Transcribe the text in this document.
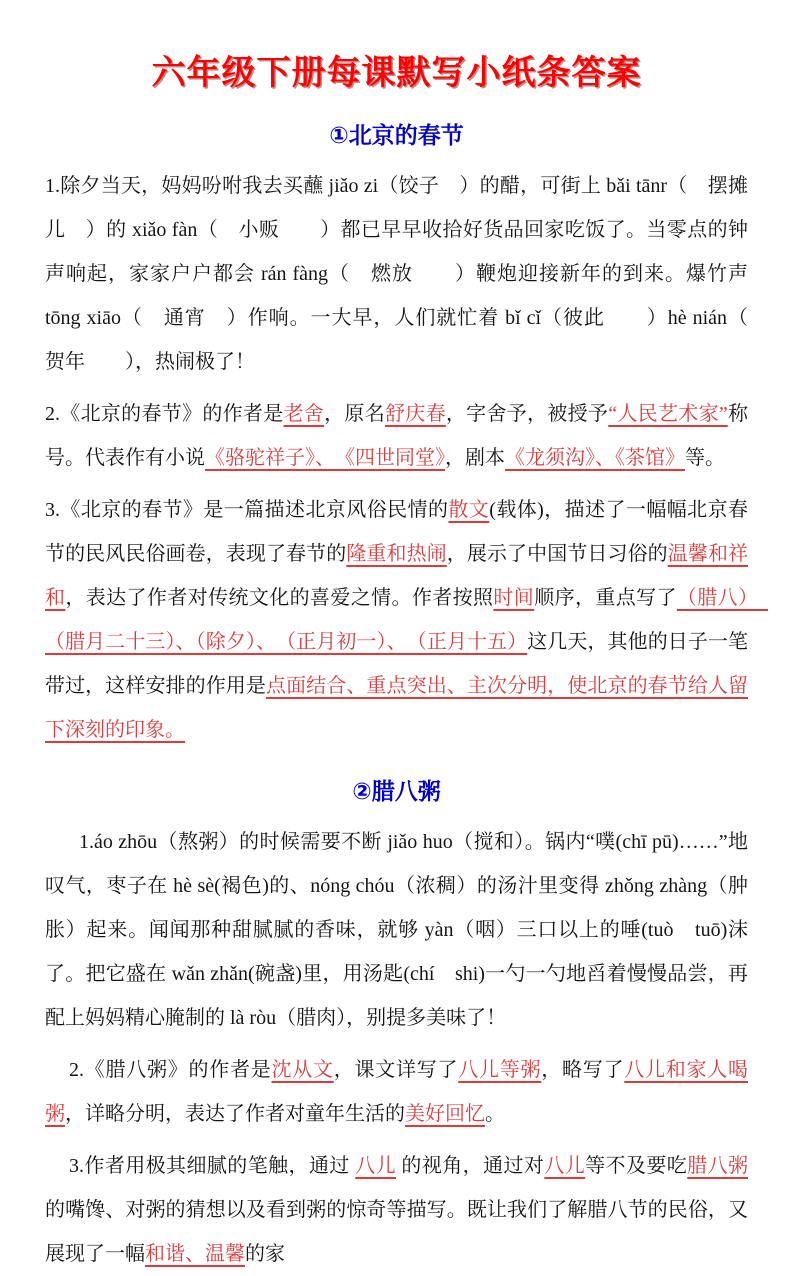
六年级下册每课默写小纸条答案
①北京的春节

1.除夕当天，妈妈吩咐我去买蘸 jiǎo zi（饺子　）的醋，可街上 bǎi tānr（　摆摊儿　）的 xiǎo fàn（　小贩　　）都已早早收拾好货品回家吃饭了。当零点的钟声响起，家家户户都会 rán fàng（　燃放　　）鞭炮迎接新年的到来。爆竹声 tōng xiāo（　通宵　）作响。一大早，人们就忙着 bǐ cǐ（彼此　　）hè nián（　贺年　　），热闹极了！

2.《北京的春节》的作者是老舍，原名舒庆春，字舍予，被授予“人民艺术家”称号。代表作有小说《骆驼祥子》、　《四世同堂》，剧本《龙须沟》、《茶馆》等。

3.《北京的春节》是一篇描述北京风俗民情的散文(载体)，描述了一幅幅北京春节的民风民俗画卷，表现了春节的隆重和热闹，展示了中国节日习俗的温馨和祥和，表达了作者对传统文化的喜爱之情。作者按照时间顺序，重点写了（腊八）　（腊月二十三）、（除夕）、　（正月初一）、　（正月十五）这几天，其他的日子一笔带过，这样安排的作用是点面结合、重点突出、主次分明，使北京的春节给人留下深刻的印象。

②腊八粥

1.áo zhōu（熬粥）的时候需要不断 jiǎo huo（搅和）。锅内“噗(chī pū)……”地叹气，枣子在 hè sè(褐色)的、nóng chóu（浓稠）的汤汁里变得 zhǒng zhàng（肿胀）起来。闻闻那种甜腻腻的香味，就够 yàn（咽）三口以上的唾(tuò　tuō)沫了。把它盛在 wǎn zhǎn(碗盏)里，用汤匙(chí　shi)一勺一勺地舀着慢慢品尝，再配上妈妈精心腌制的 là ròu（腊肉），别提多美味了！

2.《腊八粥》的作者是沈从文，课文详写了八儿等粥，略写了八儿和家人喝粥，详略分明，表达了作者对童年生活的美好回忆。

3.作者用极其细腻的笔触，通过 八儿 的视角，通过对八儿等不及要吃腊八粥的嘴馋、对粥的猜想以及看到粥的惊奇等描写。既让我们了解腊八节的民俗，又展现了一幅和谐、温馨的家
